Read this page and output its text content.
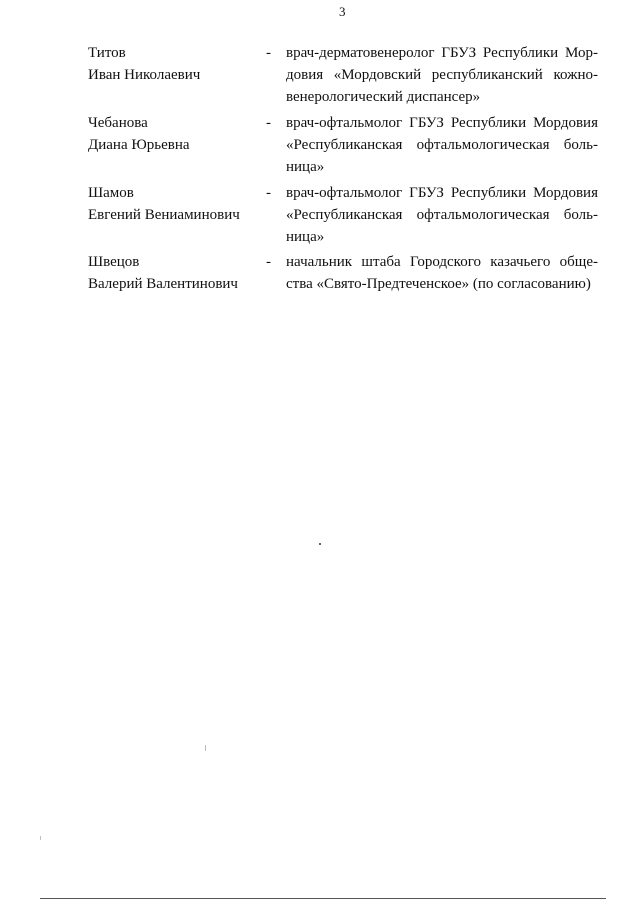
3
Титов
Иван Николаевич
- врач-дерматовенеролог ГБУЗ Республики Мор-
довия «Мордовский республиканский кожно-
венерологический диспансер»
Чебанова
Диана Юрьевна
- врач-офтальмолог ГБУЗ Республики Мордовия
«Республиканская офтальмологическая боль-
ница»
Шамов
Евгений Вениаминович
- врач-офтальмолог ГБУЗ Республики Мордовия
«Республиканская офтальмологическая боль-
ница»
Швецов
Валерий Валентинович
- начальник штаба Городского казачьего обще-
ства «Свято-Предтеченское» (по согласованию)
